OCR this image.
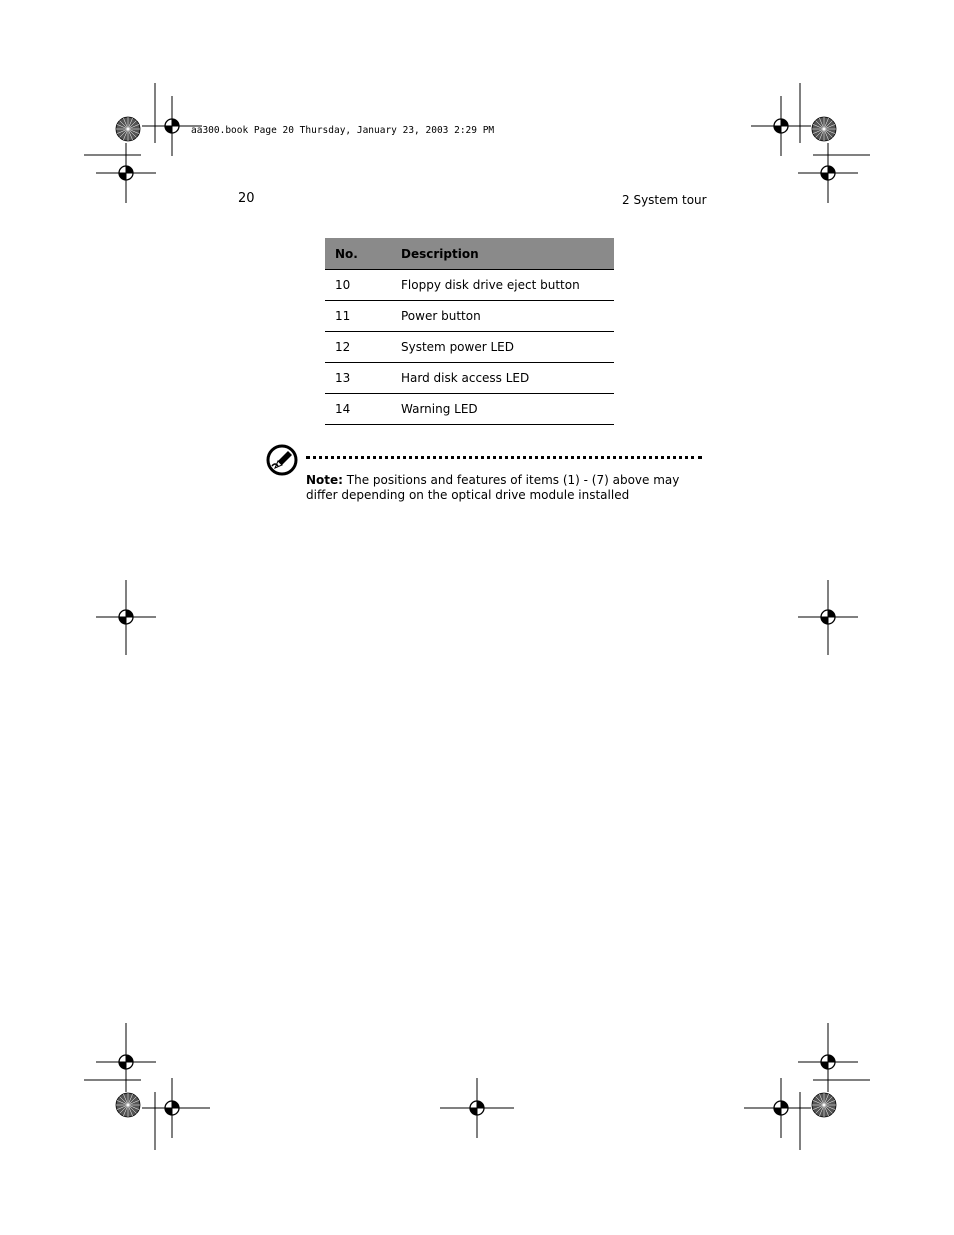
aa300.book Page 20 Thursday, January 23, 2003 2:29 PM
20	2 System tour
No.	Description
10	Floppy disk drive eject button
11	Power button
12	System power LED
13	Hard disk access LED
14	Warning LED
Note: The positions and features of items (1) - (7) above may differ depending on the optical drive module installed
